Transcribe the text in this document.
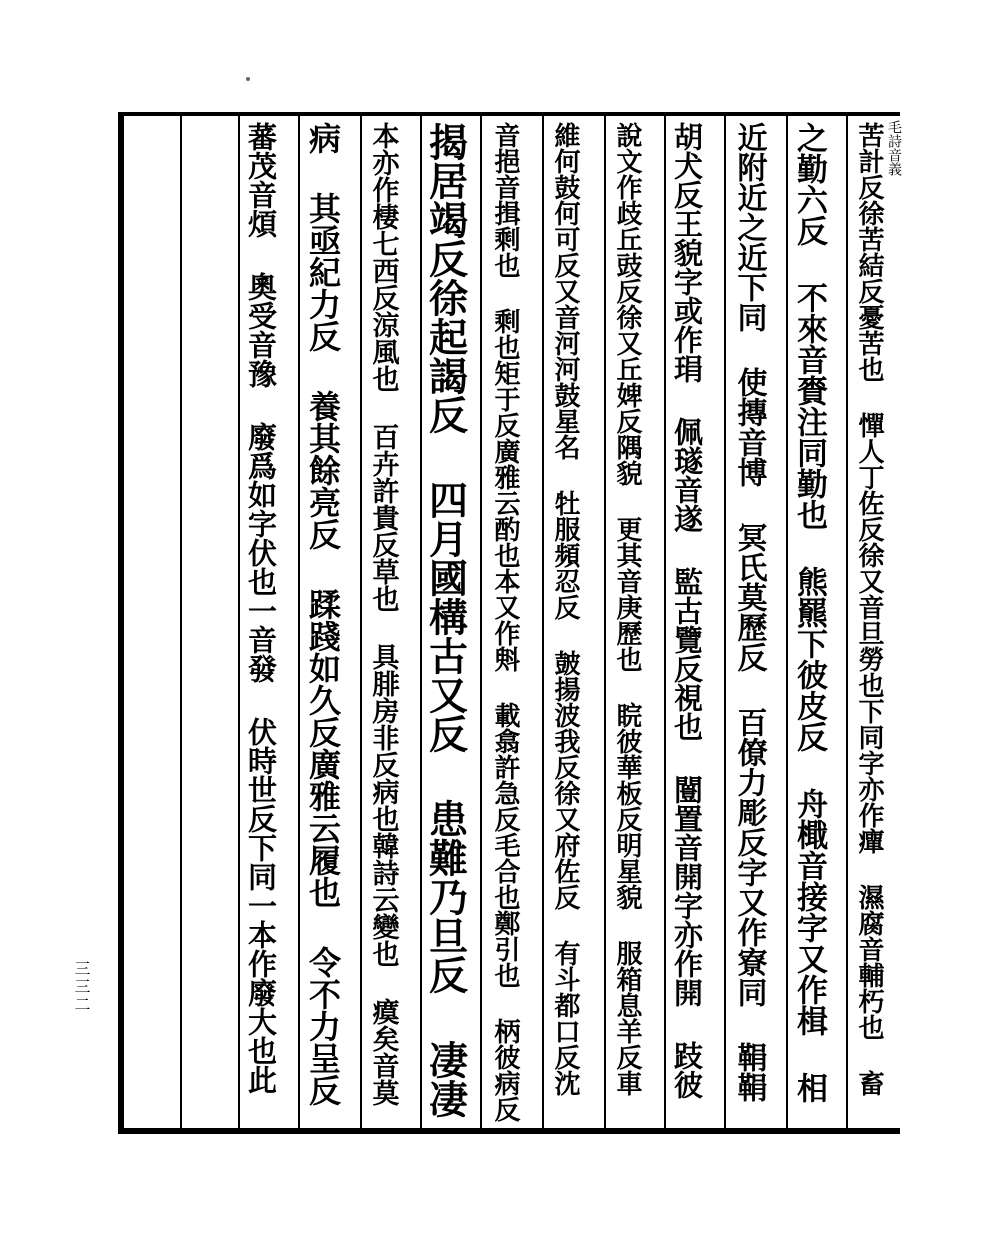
毛詩音義
苦計反徐苦結反憂苦也 憚人丁佐反徐又音旦勞也下同字亦作癉 濕腐音輔朽也 畜
之勤六反 不來音賚注同勤也 熊羆下彼皮反 舟檝音接字又作楫 相
近附近之近下同 使摶音博 冥氏莫歷反 百僚力彫反字又作寮同 鞙鞙
胡犬反王貌字或作琄 佩璲音遂 監古覽反視也 闓置音開字亦作開 跂彼
說文作歧丘豉反徐又丘婢反隅貌 更其音庚歷也 睆彼華板反明星貌 服箱息羊反車
維何鼓何可反又音河河鼓星名 牡服頻忍反 皷揚波我反徐又府佐反 有斗都口反沈
音挹音揖剩也 剩也矩于反廣雅云酌也本又作斞 載翕許急反毛合也鄭引也 柄彼病反
揭居竭反徐起謁反 四月國構古又反 患難乃旦反 凄凄
本亦作棲七西反涼風也 百卉許貴反草也 具腓房非反病也韓詩云變也 瘼矣音莫
病 其亟紀力反 養其餘亮反 蹂踐如久反廣雅云履也 令不力呈反
蕃茂音煩 奧受音豫 廢爲如字伏也一音發 伏時世反下同一本作廢大也此
三三二
